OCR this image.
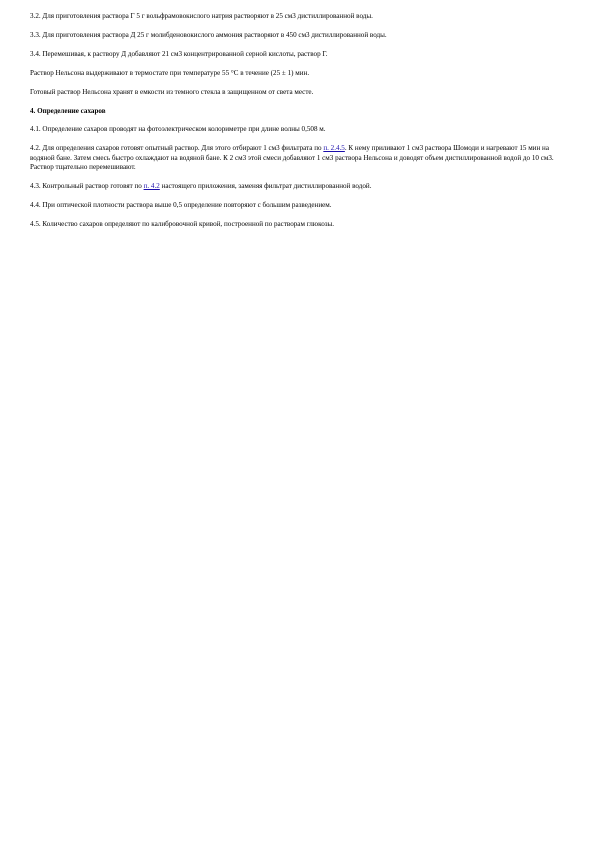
3.2. Для приготовления раствора Г 5 г вольфрамовокислого натрия растворяют в 25 см3 дистиллированной воды.

3.3. Для приготовления раствора Д 25 г молибденовокислого аммония растворяют в 450 см3 дистиллированной воды.

3.4. Перемешивая, к раствору Д добавляют 21 см3 концентрированной серной кислоты, раствор Г.

Раствор Нельсона выдерживают в термостате при температуре 55 °С в течение (25 ± 1) мин.

Готовый раствор Нельсона хранят в емкости из темного стекла в защищенном от света месте.

4. Определение сахаров

4.1. Определение сахаров проводят на фотоэлектрическом колориметре при длине волны 0,508 м.

4.2. Для определения сахаров готовят опытный раствор. Для этого отбирают 1 см3 фильтрата по п. 2.4.5. К нему приливают 1 см3 раствора Шомоди и нагревают 15 мин на водяной бане. Затем смесь быстро охлаждают на водяной бане. К 2 см3 этой смеси добавляют 1 см3 раствора Нельсона и доводят объем дистиллированной водой до 10 см3. Раствор тщательно перемешивают.

4.3. Контрольный раствор готовят по п. 4.2 настоящего приложения, заменяя фильтрат дистиллированной водой.

4.4. При оптической плотности раствора выше 0,5 определение повторяют с большим разведением.

4.5. Количество сахаров определяют по калибровочной кривой, построенной по растворам глюкозы.
